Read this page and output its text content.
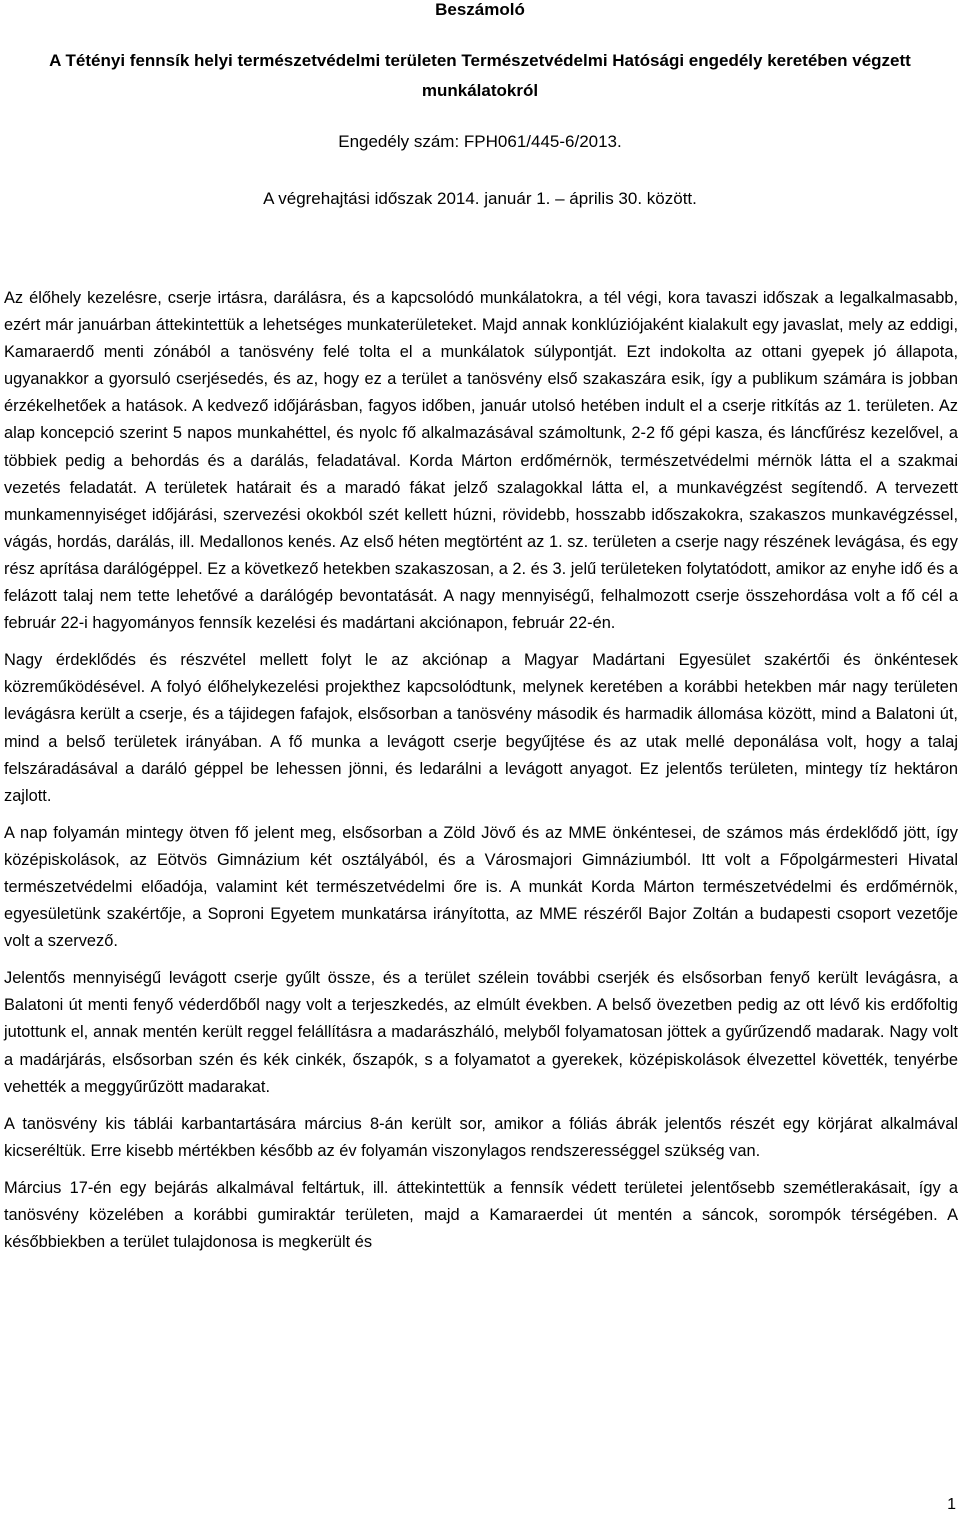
Beszámoló

A Tétényi fennsík helyi természetvédelmi területen Természetvédelmi Hatósági engedély keretében végzett munkálatokról

Engedély szám: FPH061/445-6/2013.

A végrehajtási időszak 2014. január 1. – április 30. között.

Az élőhely kezelésre, cserje irtásra, darálásra, és a kapcsolódó munkálatokra, a tél végi, kora tavaszi időszak a legalkalmasabb, ezért már januárban áttekintettük a lehetséges munkaterületeket. Majd annak konklúziójaként kialakult egy javaslat, mely az eddigi, Kamaraerdő menti zónából a tanösvény felé tolta el a munkálatok súlypontját. Ezt indokolta az ottani gyepek jó állapota, ugyanakkor a gyorsuló cserjésedés, és az, hogy ez a terület a tanösvény első szakaszára esik, így a publikum számára is jobban érzékelhetőek a hatások. A kedvező időjárásban, fagyos időben, január utolsó hetében indult el a cserje ritkítás az 1. területen. Az alap koncepció szerint 5 napos munkahéttel, és nyolc fő alkalmazásával számoltunk, 2-2 fő gépi kasza, és láncfűrész kezelővel, a többiek pedig a behordás és a darálás, feladatával. Korda Márton erdőmérnök, természetvédelmi mérnök látta el a szakmai vezetés feladatát. A területek határait és a maradó fákat jelző szalagokkal látta el, a munkavégzést segítendő. A tervezett munkamennyiséget időjárási, szervezési okokból szét kellett húzni, rövidebb, hosszabb időszakokra, szakaszos munkavégzéssel, vágás, hordás, darálás, ill. Medallonos kenés. Az első héten megtörtént az 1. sz. területen a cserje nagy részének levágása, és egy rész aprítása darálógéppel. Ez a következő hetekben szakaszosan, a 2. és 3. jelű területeken folytatódott, amikor az enyhe idő és a felázott talaj nem tette lehetővé a darálógép bevontatását. A nagy mennyiségű, felhalmozott cserje összehordása volt a fő cél a február 22-i hagyományos fennsík kezelési és madártani akciónapon, február 22-én.

Nagy érdeklődés és részvétel mellett folyt le az akciónap a Magyar Madártani Egyesület szakértői és önkéntesek közreműködésével. A folyó élőhelykezelési projekthez kapcsolódtunk, melynek keretében a korábbi hetekben már nagy területen levágásra került a cserje, és a tájidegen fafajok, elsősorban a tanösvény második és harmadik állomása között, mind a Balatoni út, mind a belső területek irányában. A fő munka a levágott cserje begyűjtése és az utak mellé deponálása volt, hogy a talaj felszáradásával a daráló géppel be lehessen jönni, és ledarálni a levágott anyagot. Ez jelentős területen, mintegy tíz hektáron zajlott.

A nap folyamán mintegy ötven fő jelent meg, elsősorban a Zöld Jövő és az MME önkéntesei, de számos más érdeklődő jött, így középiskolások, az Eötvös Gimnázium két osztályából, és a Városmajori Gimnáziumból. Itt volt a Főpolgármesteri Hivatal természetvédelmi előadója, valamint két természetvédelmi őre is. A munkát Korda Márton természetvédelmi és erdőmérnök, egyesületünk szakértője, a Soproni Egyetem munkatársa irányította, az MME részéről Bajor Zoltán a budapesti csoport vezetője volt a szervező.

Jelentős mennyiségű levágott cserje gyűlt össze, és a terület szélein további cserjék és elsősorban fenyő került levágásra, a Balatoni út menti fenyő véderdőből nagy volt a terjeszkedés, az elmúlt években. A belső övezetben pedig az ott lévő kis erdőfoltig jutottunk el, annak mentén került reggel felállításra a madarászháló, melyből folyamatosan jöttek a gyűrűzendő madarak. Nagy volt a madárjárás, elsősorban szén és kék cinkék, őszapók, s a folyamatot a gyerekek, középiskolások élvezettel követték, tenyérbe vehették a meggyűrűzött madarakat.

A tanösvény kis táblái karbantartására március 8-án került sor, amikor a fóliás ábrák jelentős részét egy körjárat alkalmával kicseréltük. Erre kisebb mértékben később az év folyamán viszonylagos rendszerességgel szükség van.

Március 17-én egy bejárás alkalmával feltártuk, ill. áttekintettük a fennsík védett területei jelentősebb szemétlerakásait, így a tanösvény közelében a korábbi gumiraktár területen, majd a Kamaraerdei út mentén a sáncok, sorompók térségében. A későbbiekben a terület tulajdonosa is megkerült és

1
